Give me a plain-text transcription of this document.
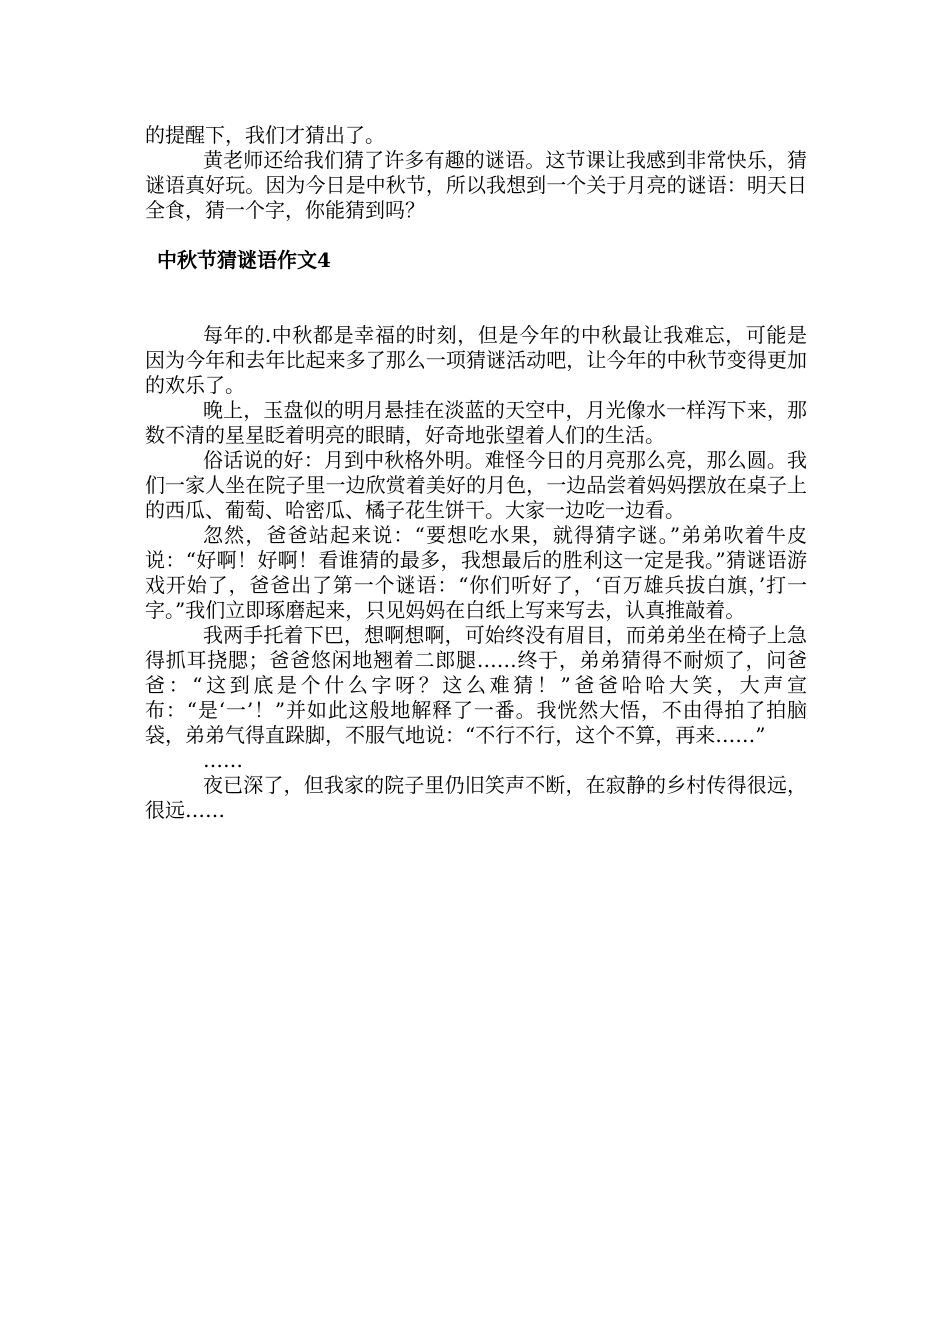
的提醒下，我们才猜出了。

黄老师还给我们猜了许多有趣的谜语。这节课让我感到非常快乐，猜谜语真好玩。因为今日是中秋节，所以我想到一个关于月亮的谜语：明天日全食，猜一个字，你能猜到吗？

中秋节猜谜语作文4

每年的.中秋都是幸福的时刻，但是今年的中秋最让我难忘，可能是因为今年和去年比起来多了那么一项猜谜活动吧，让今年的中秋节变得更加的欢乐了。

晚上，玉盘似的明月悬挂在淡蓝的天空中，月光像水一样泻下来，那数不清的星星眨着明亮的眼睛，好奇地张望着人们的生活。

俗话说的好：月到中秋格外明。难怪今日的月亮那么亮，那么圆。我们一家人坐在院子里一边欣赏着美好的月色，一边品尝着妈妈摆放在桌子上的西瓜、葡萄、哈密瓜、橘子花生饼干。大家一边吃一边看。

忽然，爸爸站起来说：“要想吃水果，就得猜字谜。”弟弟吹着牛皮说：“好啊！好啊！看谁猜的最多，我想最后的胜利这一定是我。”猜谜语游戏开始了，爸爸出了第一个谜语：“你们听好了，‘百万雄兵拔白旗，’打一字。”我们立即琢磨起来，只见妈妈在白纸上写来写去，认真推敲着。

我两手托着下巴，想啊想啊，可始终没有眉目，而弟弟坐在椅子上急得抓耳挠腮；爸爸悠闲地翘着二郎腿……终于，弟弟猜得不耐烦了，问爸爸：“这到底是个什么字呀？这么难猜！”爸爸哈哈大笑，大声宣布：“是‘一’！”并如此这般地解释了一番。我恍然大悟，不由得拍了拍脑袋，弟弟气得直跺脚，不服气地说：“不行不行，这个不算，再来……”

……

夜已深了，但我家的院子里仍旧笑声不断，在寂静的乡村传得很远，很远……
